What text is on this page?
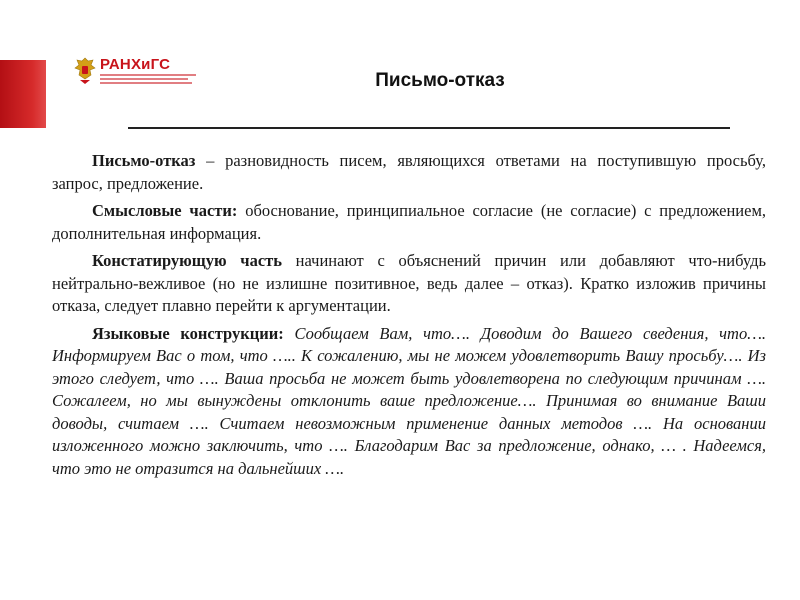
РАНХиГС
Письмо-отказ

Письмо-отказ – разновидность писем, являющихся ответами на поступившую просьбу, запрос, предложение.

Смысловые части: обоснование, принципиальное согласие (не согласие) с предложением, дополнительная информация.

Констатирующую часть начинают с объяснений причин или добавляют что-нибудь нейтрально-вежливое (но не излишне позитивное, ведь далее – отказ). Кратко изложив причины отказа, следует плавно перейти к аргументации.

Языковые конструкции: Сообщаем Вам, что…. Доводим до Вашего сведения, что…. Информируем Вас о том, что ….. К сожалению, мы не можем удовлетворить Вашу просьбу…. Из этого следует, что …. Ваша просьба не может быть удовлетворена по следующим причинам …. Сожалеем, но мы вынуждены отклонить ваше предложение…. Принимая во внимание Ваши доводы, считаем …. Считаем невозможным применение данных методов …. На основании изложенного можно заключить, что …. Благодарим Вас за предложение, однако, … . Надеемся, что это не отразится на дальнейших ….
